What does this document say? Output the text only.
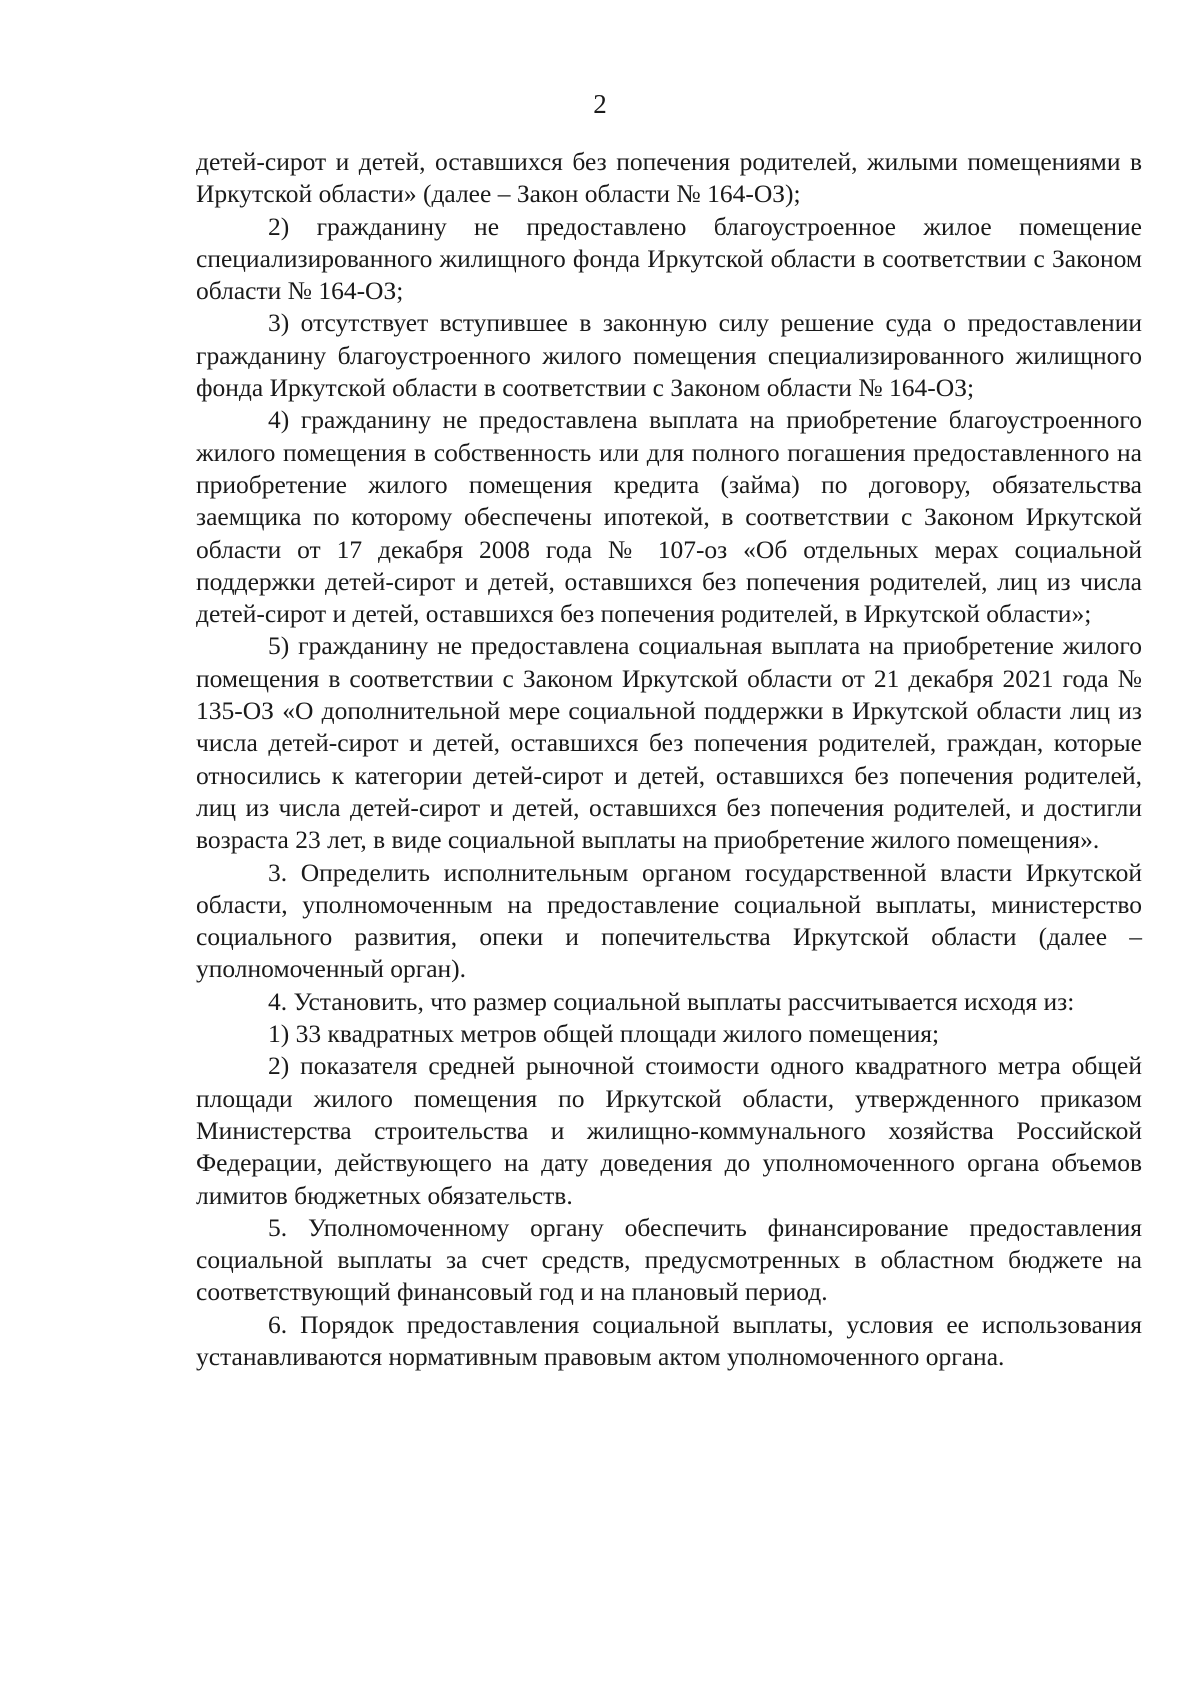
2

детей-сирот и детей, оставшихся без попечения родителей, жилыми помещениями в Иркутской области» (далее – Закон области № 164-ОЗ);

2) гражданину не предоставлено благоустроенное жилое помещение специализированного жилищного фонда Иркутской области в соответствии с Законом области № 164-ОЗ;

3) отсутствует вступившее в законную силу решение суда о предоставлении гражданину благоустроенного жилого помещения специализированного жилищного фонда Иркутской области в соответствии с Законом области № 164-ОЗ;

4) гражданину не предоставлена выплата на приобретение благоустроенного жилого помещения в собственность или для полного погашения предоставленного на приобретение жилого помещения кредита (займа) по договору, обязательства заемщика по которому обеспечены ипотекой, в соответствии с Законом Иркутской области от 17 декабря 2008 года № 107-оз «Об отдельных мерах социальной поддержки детей-сирот и детей, оставшихся без попечения родителей, лиц из числа детей-сирот и детей, оставшихся без попечения родителей, в Иркутской области»;

5) гражданину не предоставлена социальная выплата на приобретение жилого помещения в соответствии с Законом Иркутской области от 21 декабря 2021 года № 135-ОЗ «О дополнительной мере социальной поддержки в Иркутской области лиц из числа детей-сирот и детей, оставшихся без попечения родителей, граждан, которые относились к категории детей-сирот и детей, оставшихся без попечения родителей, лиц из числа детей-сирот и детей, оставшихся без попечения родителей, и достигли возраста 23 лет, в виде социальной выплаты на приобретение жилого помещения».

3. Определить исполнительным органом государственной власти Иркутской области, уполномоченным на предоставление социальной выплаты, министерство социального развития, опеки и попечительства Иркутской области (далее – уполномоченный орган).

4. Установить, что размер социальной выплаты рассчитывается исходя из:

1) 33 квадратных метров общей площади жилого помещения;

2) показателя средней рыночной стоимости одного квадратного метра общей площади жилого помещения по Иркутской области, утвержденного приказом Министерства строительства и жилищно-коммунального хозяйства Российской Федерации, действующего на дату доведения до уполномоченного органа объемов лимитов бюджетных обязательств.

5. Уполномоченному органу обеспечить финансирование предоставления социальной выплаты за счет средств, предусмотренных в областном бюджете на соответствующий финансовый год и на плановый период.

6. Порядок предоставления социальной выплаты, условия ее использования устанавливаются нормативным правовым актом уполномоченного органа.
